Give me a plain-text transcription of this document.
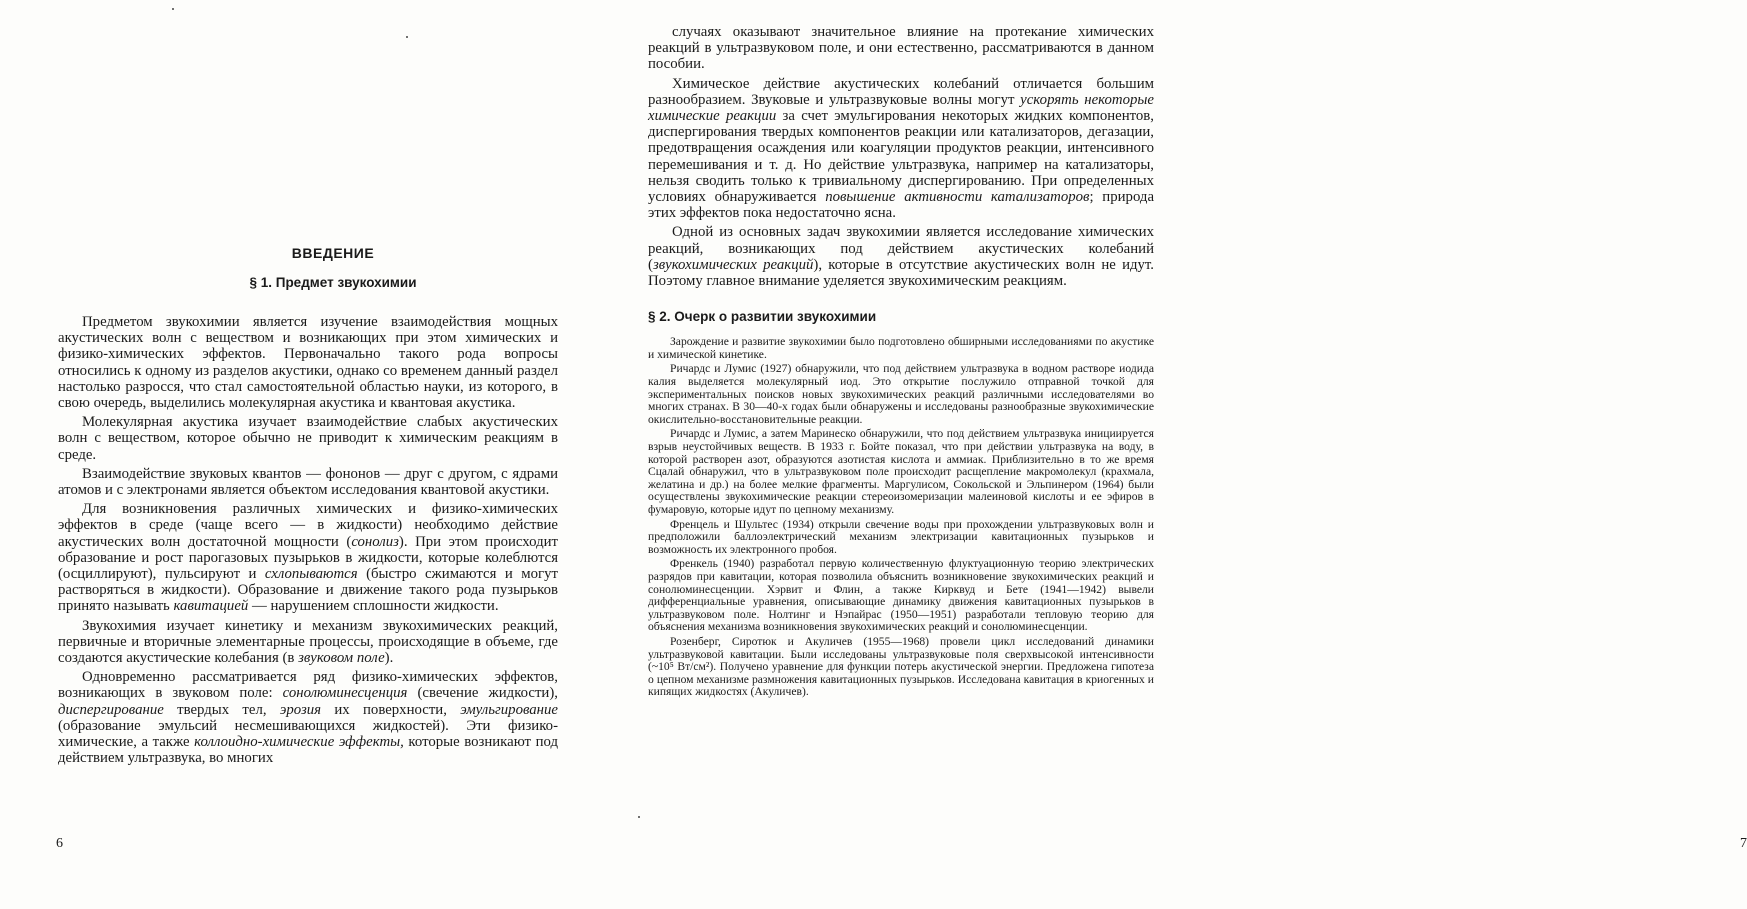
ВВЕДЕНИЕ
§ 1. Предмет звукохимии

Предметом звукохимии является изучение взаимодействия мощных акустических волн с веществом и возникающих при этом химических и физико-химических эффектов. Первоначально такого рода вопросы относились к одному из разделов акустики, однако со временем данный раздел настолько разросся, что стал самостоятельной областью науки, из которого, в свою очередь, выделились молекулярная акустика и квантовая акустика.

Молекулярная акустика изучает взаимодействие слабых акустических волн с веществом, которое обычно не приводит к химическим реакциям в среде.

Взаимодействие звуковых квантов — фононов — друг с другом, с ядрами атомов и с электронами является объектом исследования квантовой акустики.

Для возникновения различных химических и физико-химических эффектов в среде (чаще всего — в жидкости) необходимо действие акустических волн достаточной мощности (сонолиз). При этом происходит образование и рост парогазовых пузырьков в жидкости, которые колеблются (осциллируют), пульсируют и схлопываются (быстро сжимаются и могут растворяться в жидкости). Образование и движение такого рода пузырьков принято называть кавитацией — нарушением сплошности жидкости.

Звукохимия изучает кинетику и механизм звукохимических реакций, первичные и вторичные элементарные процессы, происходящие в объеме, где создаются акустические колебания (в звуковом поле).

Одновременно рассматривается ряд физико-химических эффектов, возникающих в звуковом поле: сонолюминесценция (свечение жидкости), диспергирование твердых тел, эрозия их поверхности, эмульгирование (образование эмульсий несмешивающихся жидкостей). Эти физико-химические, а также коллоидно-химические эффекты, которые возникают под действием ультразвука, во многих

6	7

случаях оказывают значительное влияние на протекание химических реакций в ультразвуковом поле, и они естественно, рассматриваются в данном пособии.

Химическое действие акустических колебаний отличается большим разнообразием. Звуковые и ультразвуковые волны могут ускорять некоторые химические реакции за счет эмульгирования некоторых жидких компонентов, диспергирования твердых компонентов реакции или катализаторов, дегазации, предотвращения осаждения или коагуляции продуктов реакции, интенсивного перемешивания и т. д. Но действие ультразвука, например на катализаторы, нельзя сводить только к тривиальному диспергированию. При определенных условиях обнаруживается повышение активности катализаторов; природа этих эффектов пока недостаточно ясна.

Одной из основных задач звукохимии является исследование химических реакций, возникающих под действием акустических колебаний (звукохимических реакций), которые в отсутствие акустических волн не идут. Поэтому главное внимание уделяется звукохимическим реакциям.

§ 2. Очерк о развитии звукохимии

Зарождение и развитие звукохимии было подготовлено обширными исследованиями по акустике и химической кинетике.

Ричардс и Лумис (1927) обнаружили, что под действием ультразвука в водном растворе иодида калия выделяется молекулярный иод. Это открытие послужило отправной точкой для экспериментальных поисков новых звукохимических реакций различными исследователями во многих странах. В 30—40-х годах были обнаружены и исследованы разнообразные звукохимические окислительно-восстановительные реакции.

Ричардс и Лумис, а затем Маринеско обнаружили, что под действием ультразвука инициируется взрыв неустойчивых веществ. В 1933 г. Бойте показал, что при действии ультразвука на воду, в которой растворен азот, образуются азотистая кислота и аммиак. Приблизительно в то же время Сцалай обнаружил, что в ультразвуковом поле происходит расщепление макромолекул (крахмала, желатина и др.) на более мелкие фрагменты. Маргулисом, Сокольской и Эльпинером (1964) были осуществлены звукохимические реакции стереоизомеризации малеиновой кислоты и ее эфиров в фумаровую, которые идут по цепному механизму.

Френцель и Шультес (1934) открыли свечение воды при прохождении ультразвуковых волн и предположили баллоэлектрический механизм электризации кавитационных пузырьков и возможность их электронного пробоя.

Френкель (1940) разработал первую количественную флуктуационную теорию электрических разрядов при кавитации, которая позволила объяснить возникновение звукохимических реакций и сонолюминесценции. Хэрвит и Флин, а также Кирквуд и Бете (1941—1942) вывели дифференциальные уравнения, описывающие динамику движения кавитационных пузырьков в ультразвуковом поле. Нолтинг и Нэпайрас (1950—1951) разработали тепловую теорию для объяснения механизма возникновения звукохимических реакций и сонолюминесценции.

Розенберг, Сиротюк и Акуличев (1955—1968) провели цикл исследований динамики ультразвуковой кавитации. Были исследованы ультразвуковые поля сверхвысокой интенсивности (~10⁵ Вт/см²). Получено уравнение для функции потерь акустической энергии. Предложена гипотеза о цепном механизме размножения кавитационных пузырьков. Исследована кавитация в криогенных и кипящих жидкостях (Акуличев).
